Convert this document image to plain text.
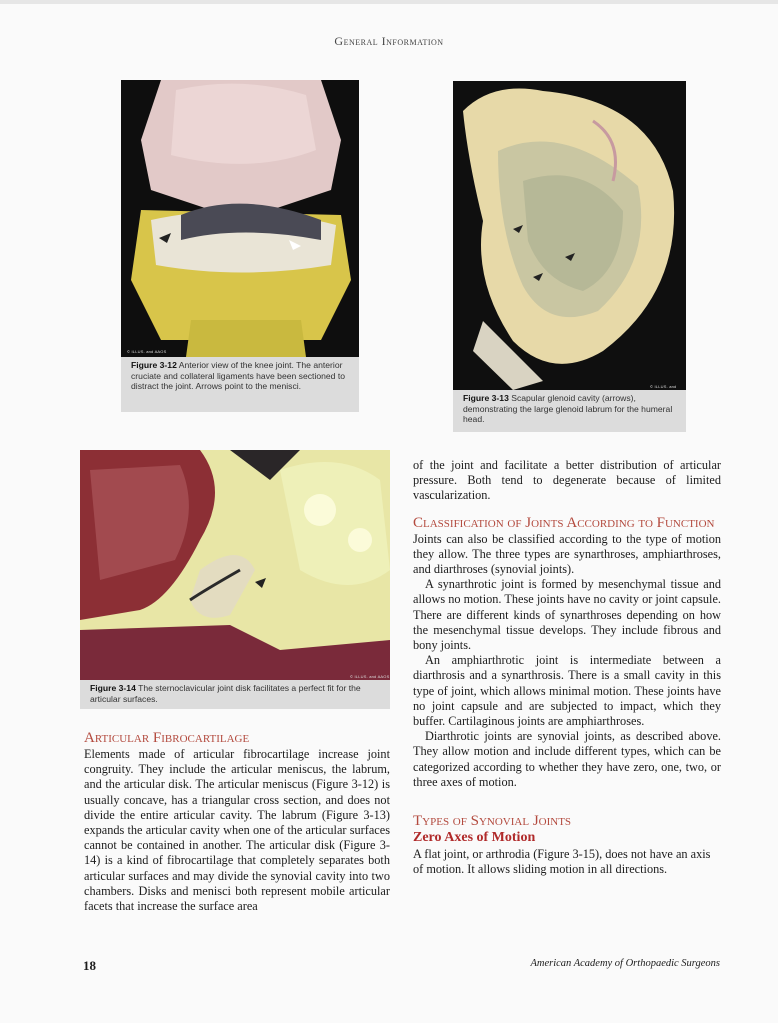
General Information
© ILLUS. and AAOS
Figure 3-12 Anterior view of the knee joint. The anterior cruciate and collateral ligaments have been sectioned to distract the joint. Arrows point to the menisci.	© ILLUS. and
Figure 3-13 Scapular glenoid cavity (arrows), demonstrating the large glenoid labrum for the humeral head.
© ILLUS. and AAOS
Figure 3-14 The sternoclavicular joint disk facilitates a perfect fit for the articular surfaces.
Articular Fibrocartilage

Elements made of articular fibrocartilage increase joint congruity. They include the articular meniscus, the labrum, and the articular disk. The articular meniscus (Figure 3-12) is usually concave, has a triangular cross section, and does not divide the entire articular cavity. The labrum (Figure 3-13) expands the articular cavity when one of the articular surfaces cannot be contained in another. The articular disk (Figure 3-14) is a kind of fibrocartilage that completely separates both articular surfaces and may divide the synovial cavity into two chambers. Disks and menisci both represent mobile articular facets that increase the surface area

of the joint and facilitate a better distribution of articular pressure. Both tend to degenerate because of limited vascularization.

Classification of Joints According to Function

Joints can also be classified according to the type of motion they allow. The three types are synarthroses, amphiarthroses, and diarthroses (synovial joints).

A synarthrotic joint is formed by mesenchymal tissue and allows no motion. These joints have no cavity or joint capsule. There are different kinds of synarthroses depending on how the mesenchymal tissue develops. They include fibrous and bony joints.

An amphiarthrotic joint is intermediate between a diarthrosis and a synarthrosis. There is a small cavity in this type of joint, which allows minimal motion. These joints have no joint capsule and are subjected to impact, which they buffer. Cartilaginous joints are amphiarthroses.

Diarthrotic joints are synovial joints, as described above. They allow motion and include different types, which can be categorized according to whether they have zero, one, two, or three axes of motion.

Types of Synovial Joints
Zero Axes of Motion

A flat joint, or arthrodia (Figure 3-15), does not have an axis of motion. It allows sliding motion in all directions.

18	American Academy of Orthopaedic Surgeons
